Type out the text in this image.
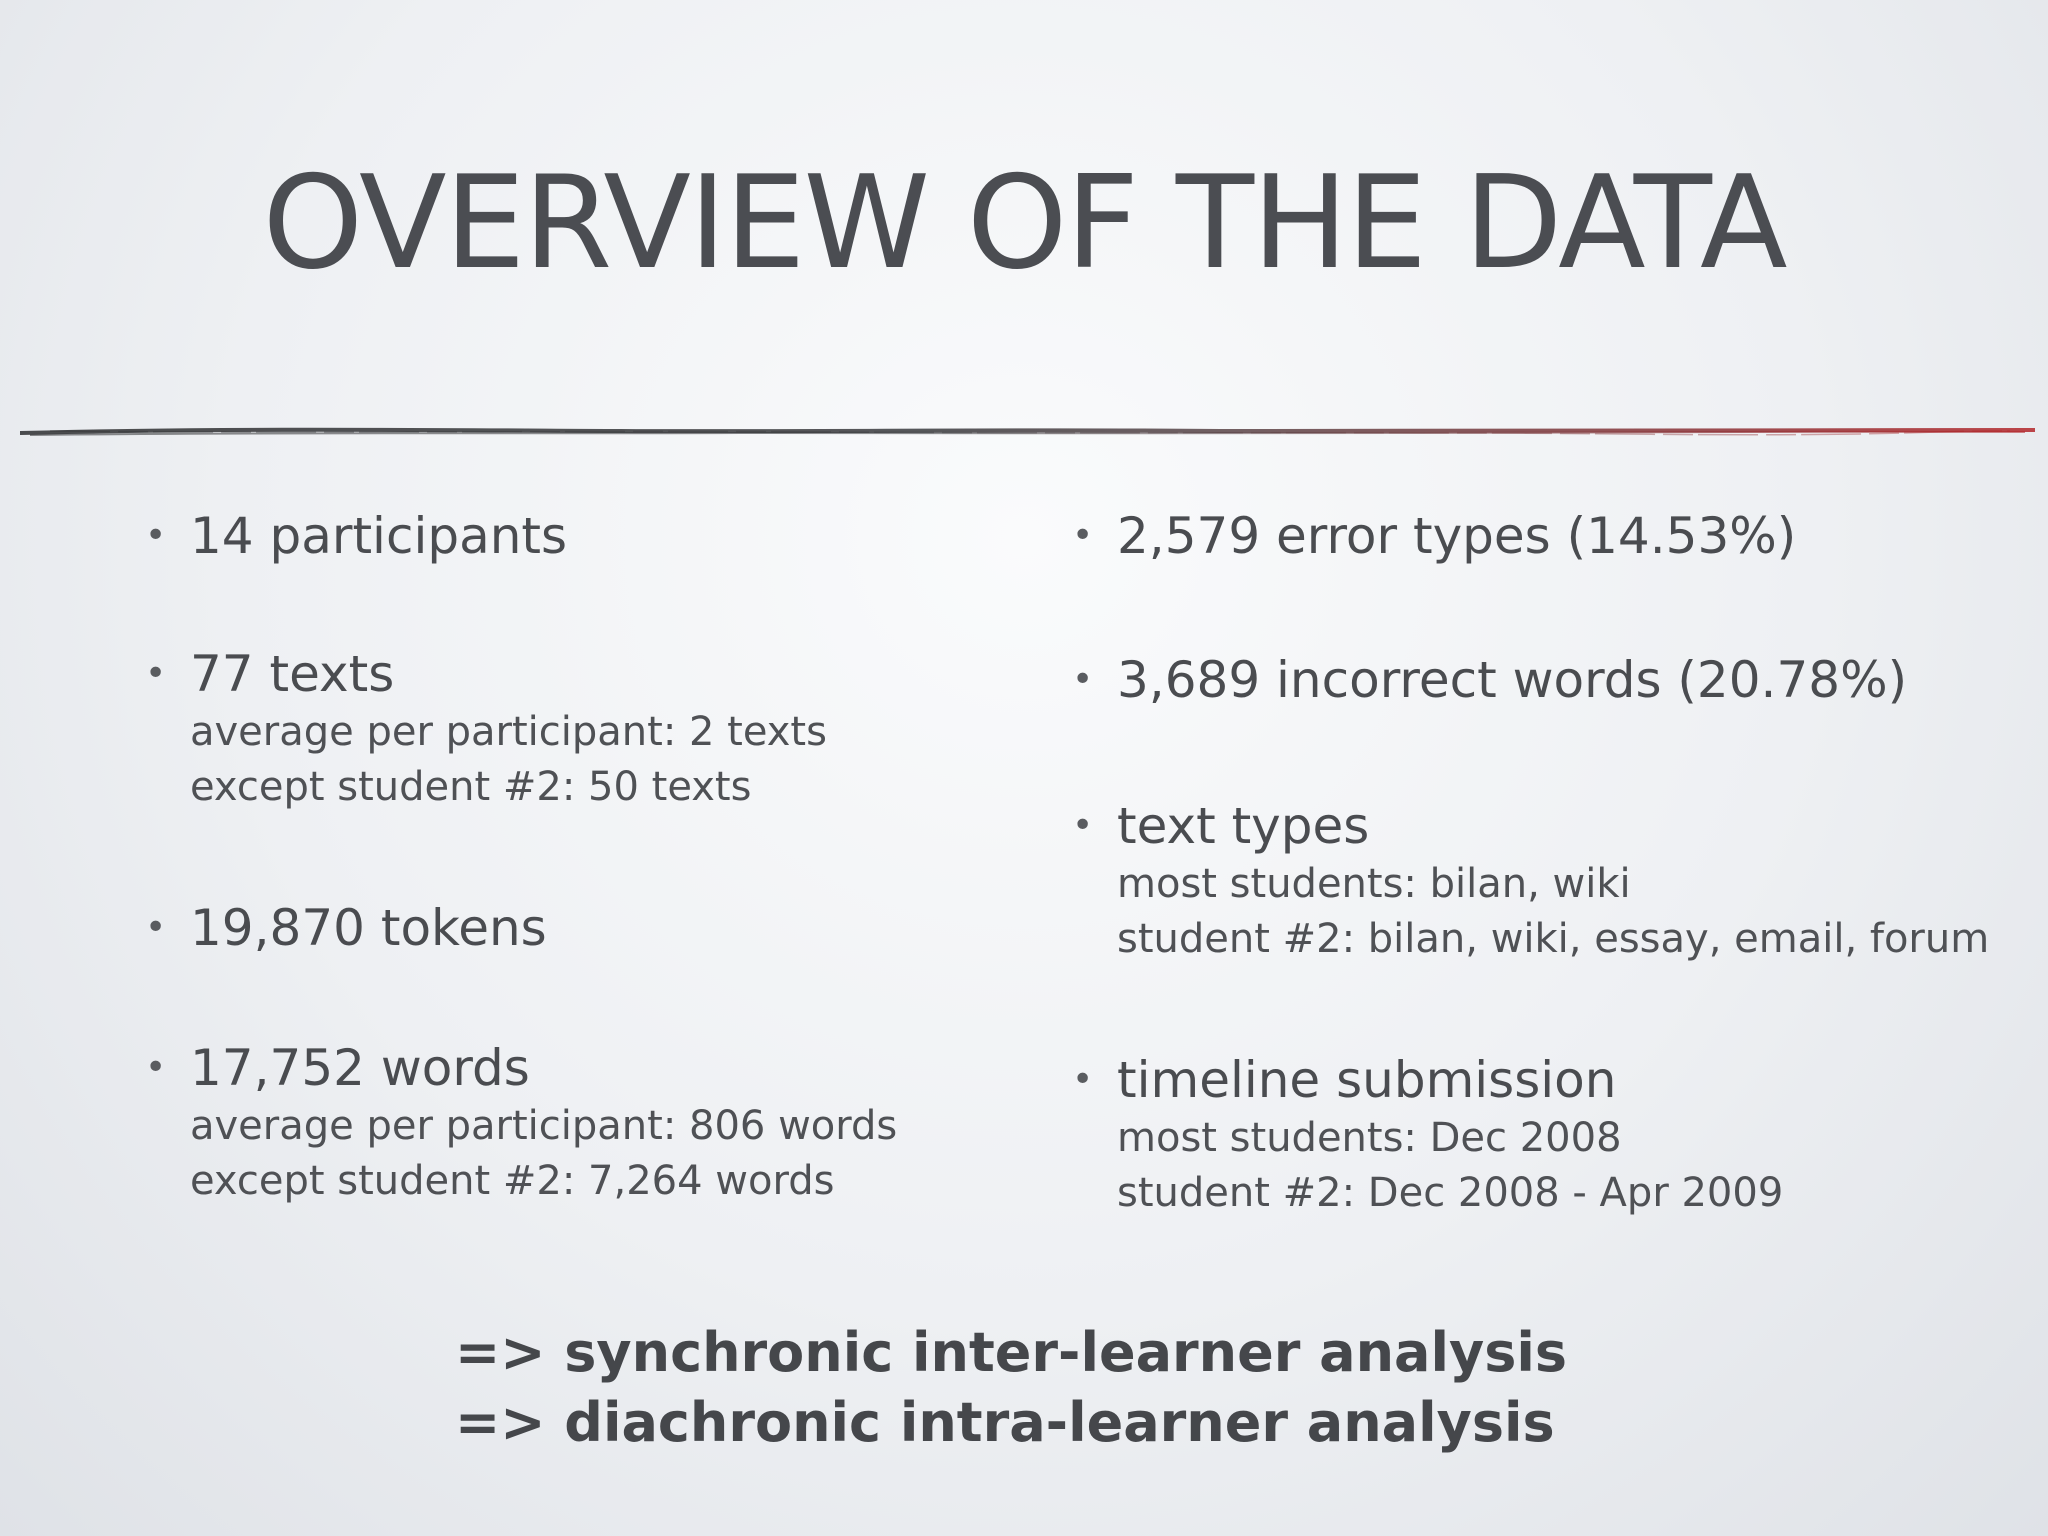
OVERVIEW OF THE DATA
• 14 participants
• 77 texts
average per participant: 2 texts
except student #2: 50 texts
• 19,870 tokens
• 17,752 words
average per participant: 806 words
except student #2: 7,264 words
• 2,579 error types (14.53%)
• 3,689 incorrect words (20.78%)
• text types
most students: bilan, wiki
student #2: bilan, wiki, essay, email, forum
• timeline submission
most students: Dec 2008
student #2: Dec 2008 - Apr 2009
=> synchronic inter-learner analysis
=> diachronic intra-learner analysis
